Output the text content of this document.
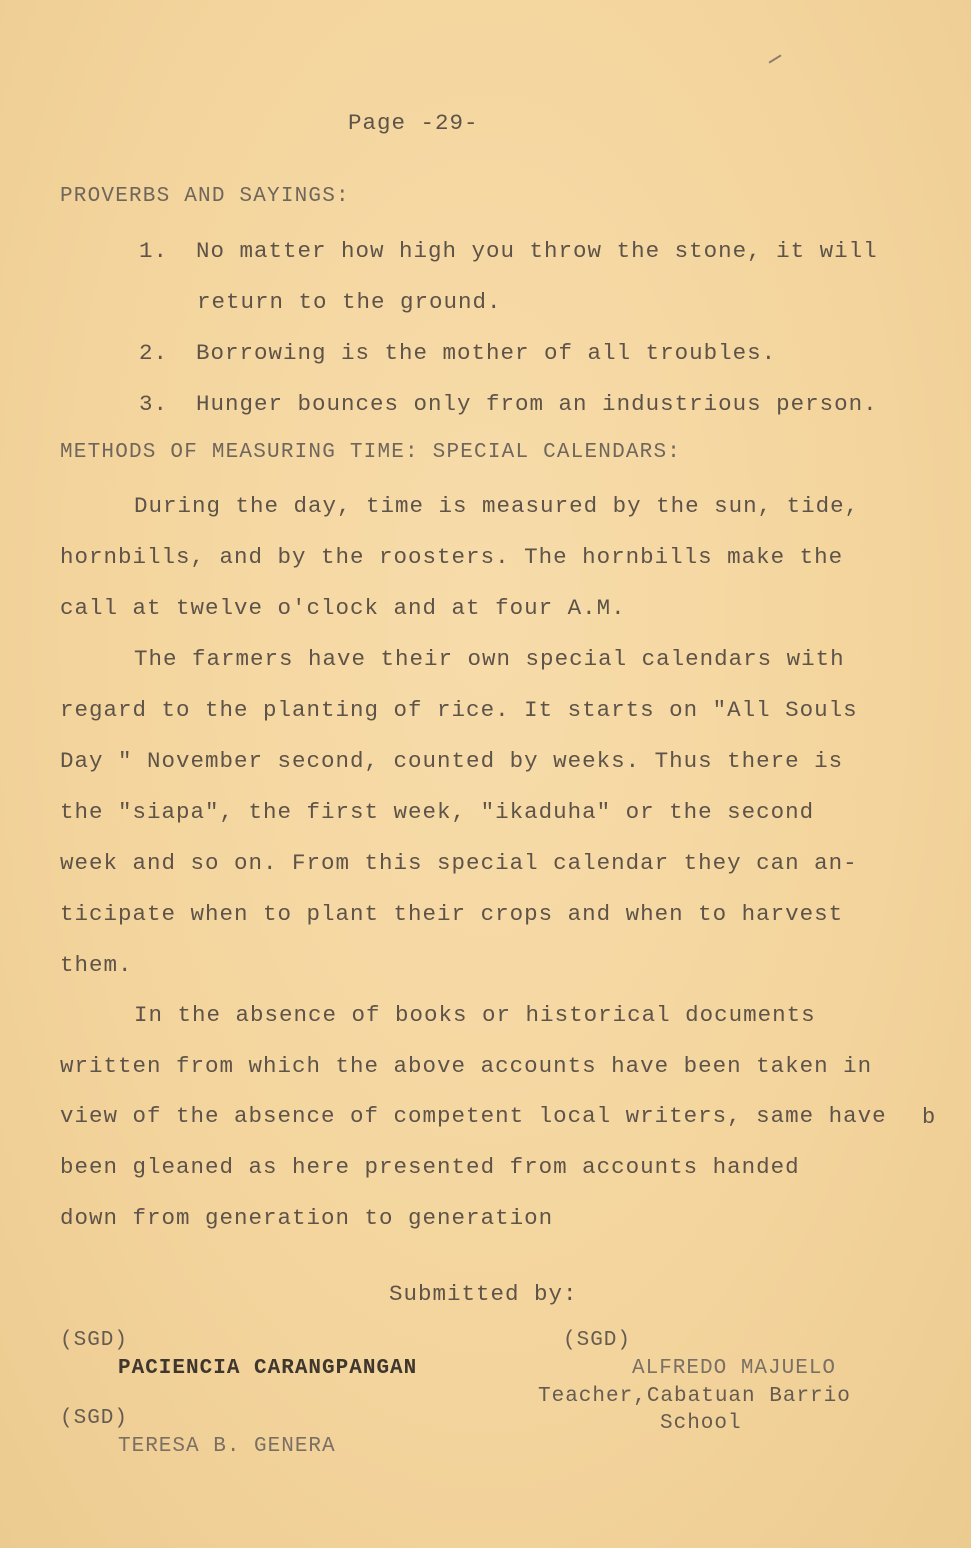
Page -29-
PROVERBS AND SAYINGS:
1. No matter how high you throw the stone, it will
return to the ground.
2. Borrowing is the mother of all troubles.
3. Hunger bounces only from an industrious person.
METHODS OF MEASURING TIME: SPECIAL CALENDARS:
During the day, time is measured by the sun, tide,
hornbills, and by the roosters. The hornbills make the
call at twelve o'clock and at four A.M.
The farmers have their own special calendars with
regard to the planting of rice. It starts on "All Souls
Day " November second, counted by weeks. Thus there is
the "siapa", the first week, "ikaduha" or the second
week and so on. From this special calendar they can an-
ticipate when to plant their crops and when to harvest
them.
In the absence of books or historical documents
written from which the above accounts have been taken in
view of the absence of competent local writers, same have b
been gleaned as here presented from accounts handed
down from generation to generation
Submitted by:
(SGD)
PACIENCIA CARANGPANGAN
(SGD)
TERESA B. GENERA
(SGD)
ALFREDO MAJUELO
Teacher,Cabatuan Barrio
School
